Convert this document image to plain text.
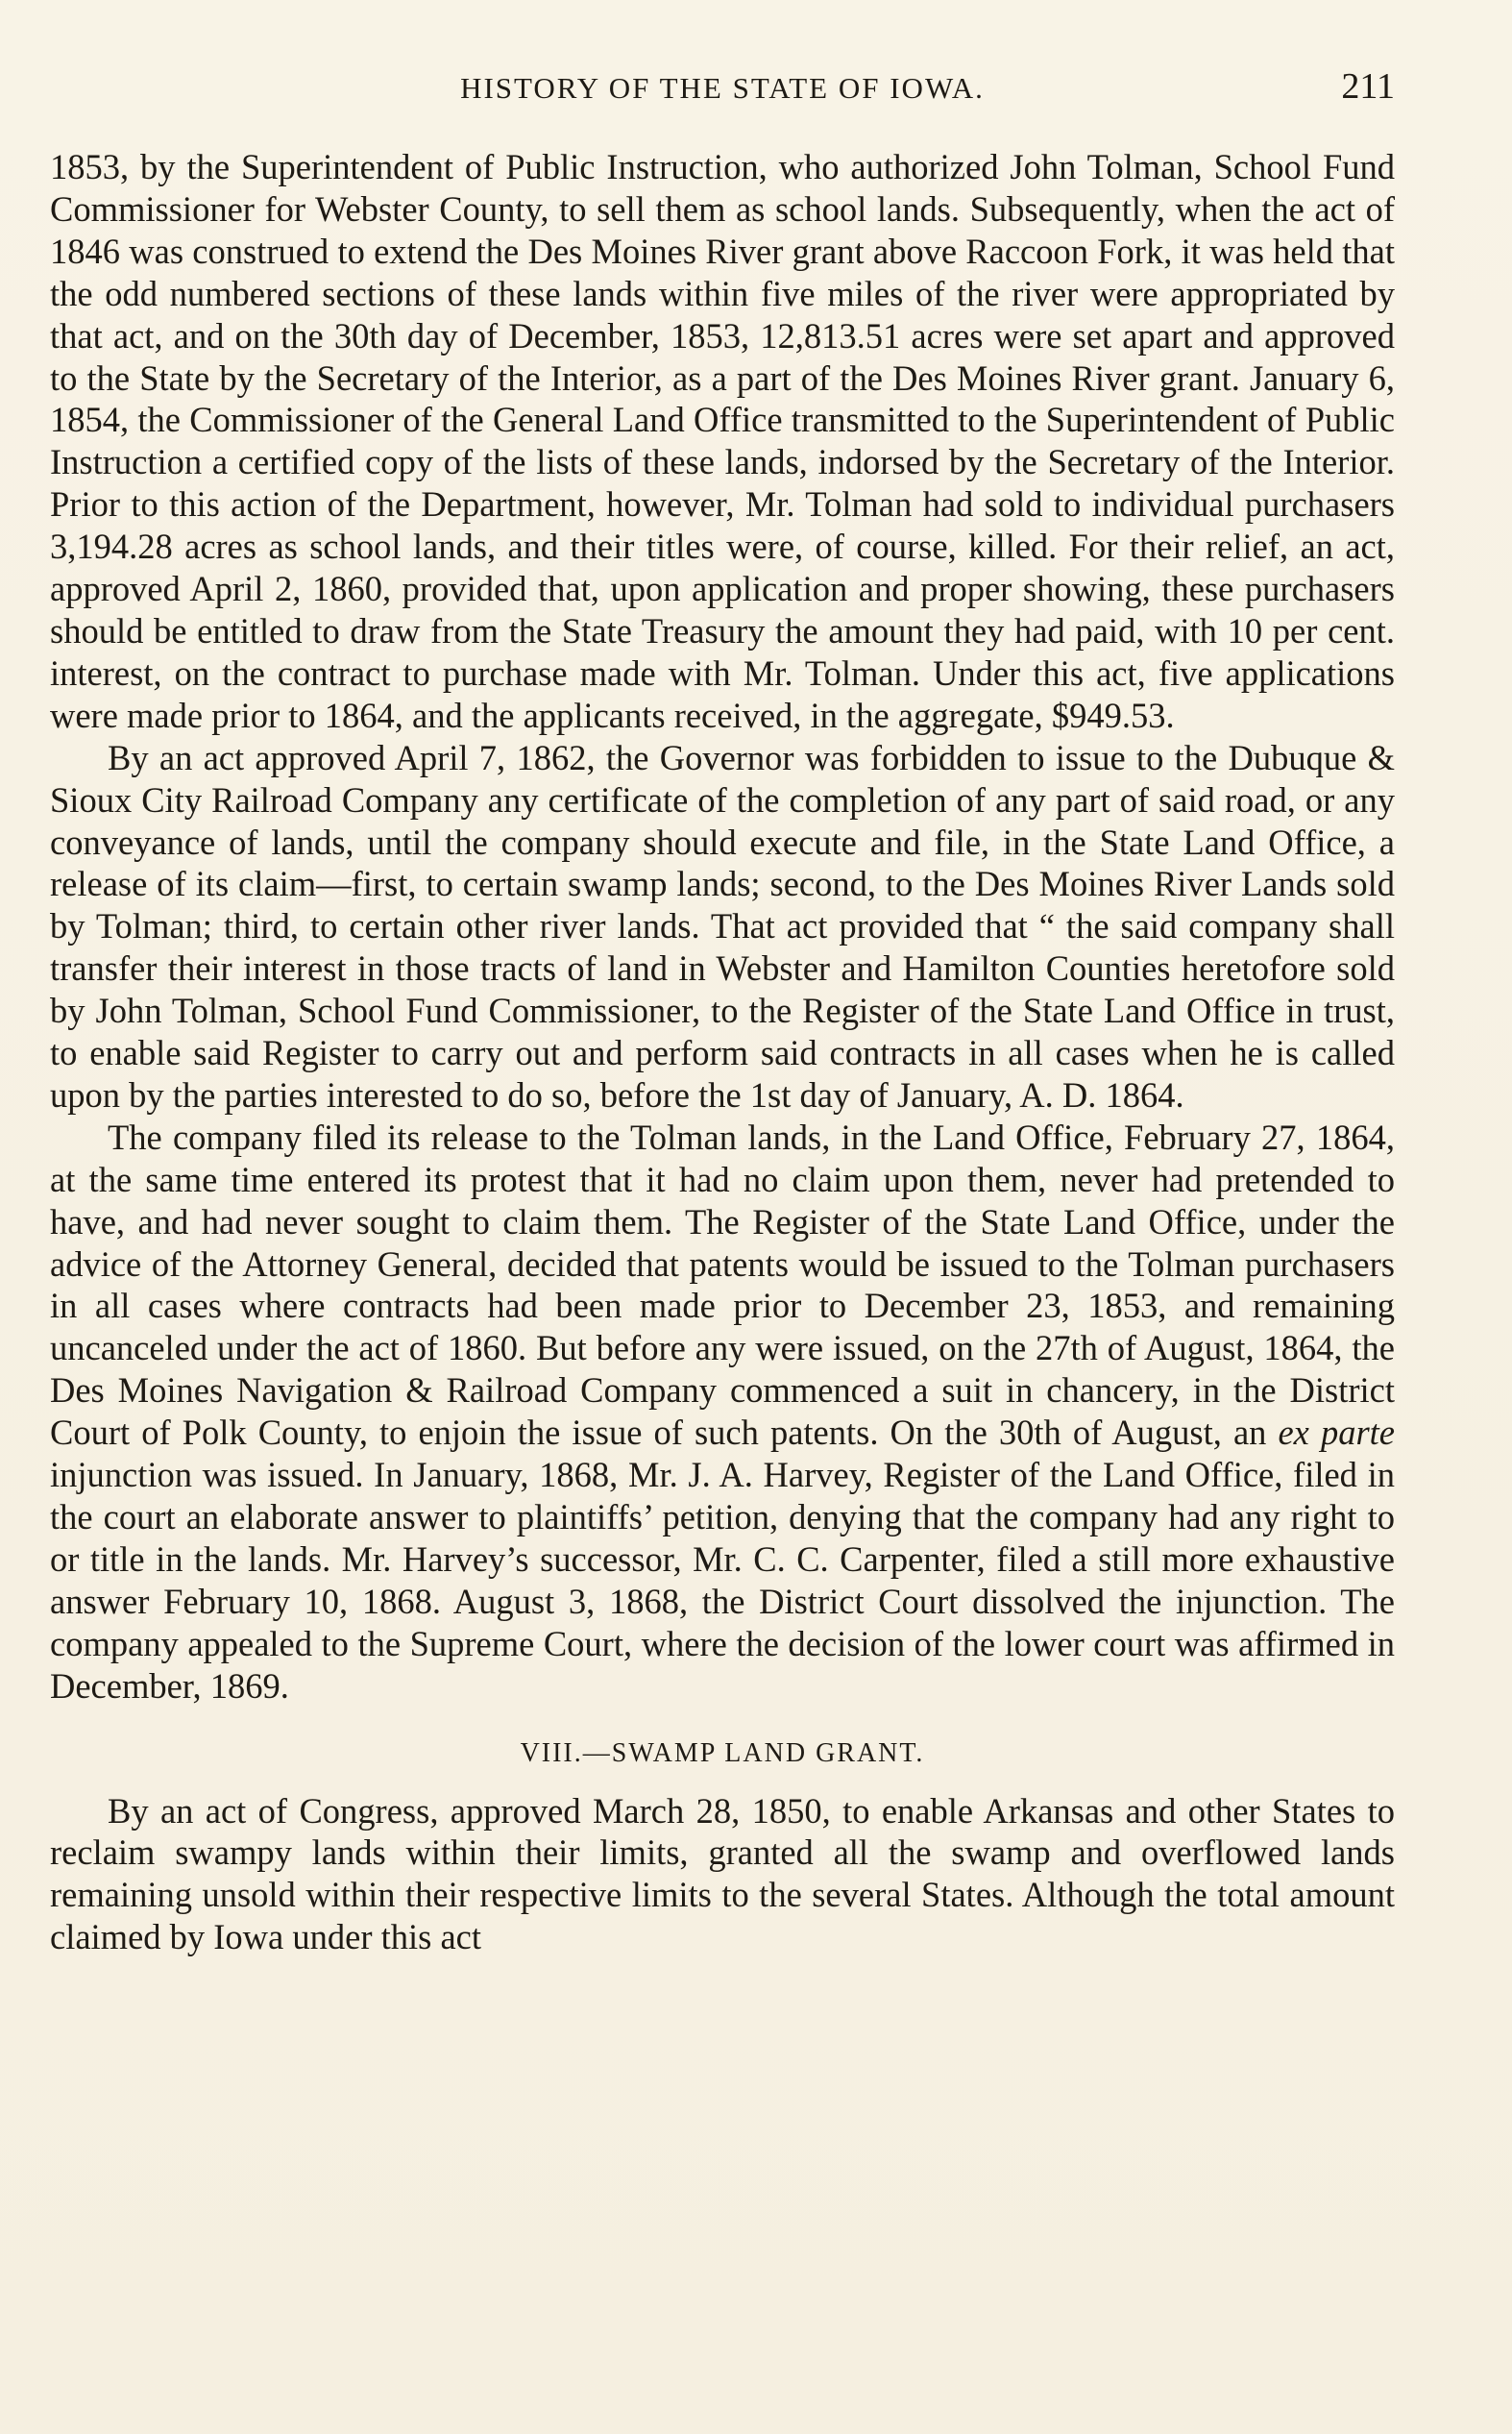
HISTORY OF THE STATE OF IOWA.	211

1853, by the Superintendent of Public Instruction, who authorized John Tolman, School Fund Commissioner for Webster County, to sell them as school lands. Subsequently, when the act of 1846 was construed to extend the Des Moines River grant above Raccoon Fork, it was held that the odd numbered sections of these lands within five miles of the river were appropriated by that act, and on the 30th day of December, 1853, 12,813.51 acres were set apart and approved to the State by the Secretary of the Interior, as a part of the Des Moines River grant. January 6, 1854, the Commissioner of the General Land Office transmitted to the Superintendent of Public Instruction a certified copy of the lists of these lands, indorsed by the Secretary of the Interior. Prior to this action of the Department, however, Mr. Tolman had sold to individual purchasers 3,194.28 acres as school lands, and their titles were, of course, killed. For their relief, an act, approved April 2, 1860, provided that, upon application and proper showing, these purchasers should be entitled to draw from the State Treasury the amount they had paid, with 10 per cent. interest, on the contract to purchase made with Mr. Tolman. Under this act, five applications were made prior to 1864, and the applicants received, in the aggregate, $949.53.

By an act approved April 7, 1862, the Governor was forbidden to issue to the Dubuque & Sioux City Railroad Company any certificate of the completion of any part of said road, or any conveyance of lands, until the company should execute and file, in the State Land Office, a release of its claim—first, to certain swamp lands; second, to the Des Moines River Lands sold by Tolman; third, to certain other river lands. That act provided that “ the said company shall transfer their interest in those tracts of land in Webster and Hamilton Counties heretofore sold by John Tolman, School Fund Commissioner, to the Register of the State Land Office in trust, to enable said Register to carry out and perform said contracts in all cases when he is called upon by the parties interested to do so, before the 1st day of January, A. D. 1864.

The company filed its release to the Tolman lands, in the Land Office, February 27, 1864, at the same time entered its protest that it had no claim upon them, never had pretended to have, and had never sought to claim them. The Register of the State Land Office, under the advice of the Attorney General, decided that patents would be issued to the Tolman purchasers in all cases where contracts had been made prior to December 23, 1853, and remaining uncanceled under the act of 1860. But before any were issued, on the 27th of August, 1864, the Des Moines Navigation & Railroad Company commenced a suit in chancery, in the District Court of Polk County, to enjoin the issue of such patents. On the 30th of August, an ex parte injunction was issued. In January, 1868, Mr. J. A. Harvey, Register of the Land Office, filed in the court an elaborate answer to plaintiffs’ petition, denying that the company had any right to or title in the lands. Mr. Harvey’s successor, Mr. C. C. Carpenter, filed a still more exhaustive answer February 10, 1868. August 3, 1868, the District Court dissolved the injunction. The company appealed to the Supreme Court, where the decision of the lower court was affirmed in December, 1869.

VIII.—SWAMP LAND GRANT.

By an act of Congress, approved March 28, 1850, to enable Arkansas and other States to reclaim swampy lands within their limits, granted all the swamp and overflowed lands remaining unsold within their respective limits to the several States. Although the total amount claimed by Iowa under this act
